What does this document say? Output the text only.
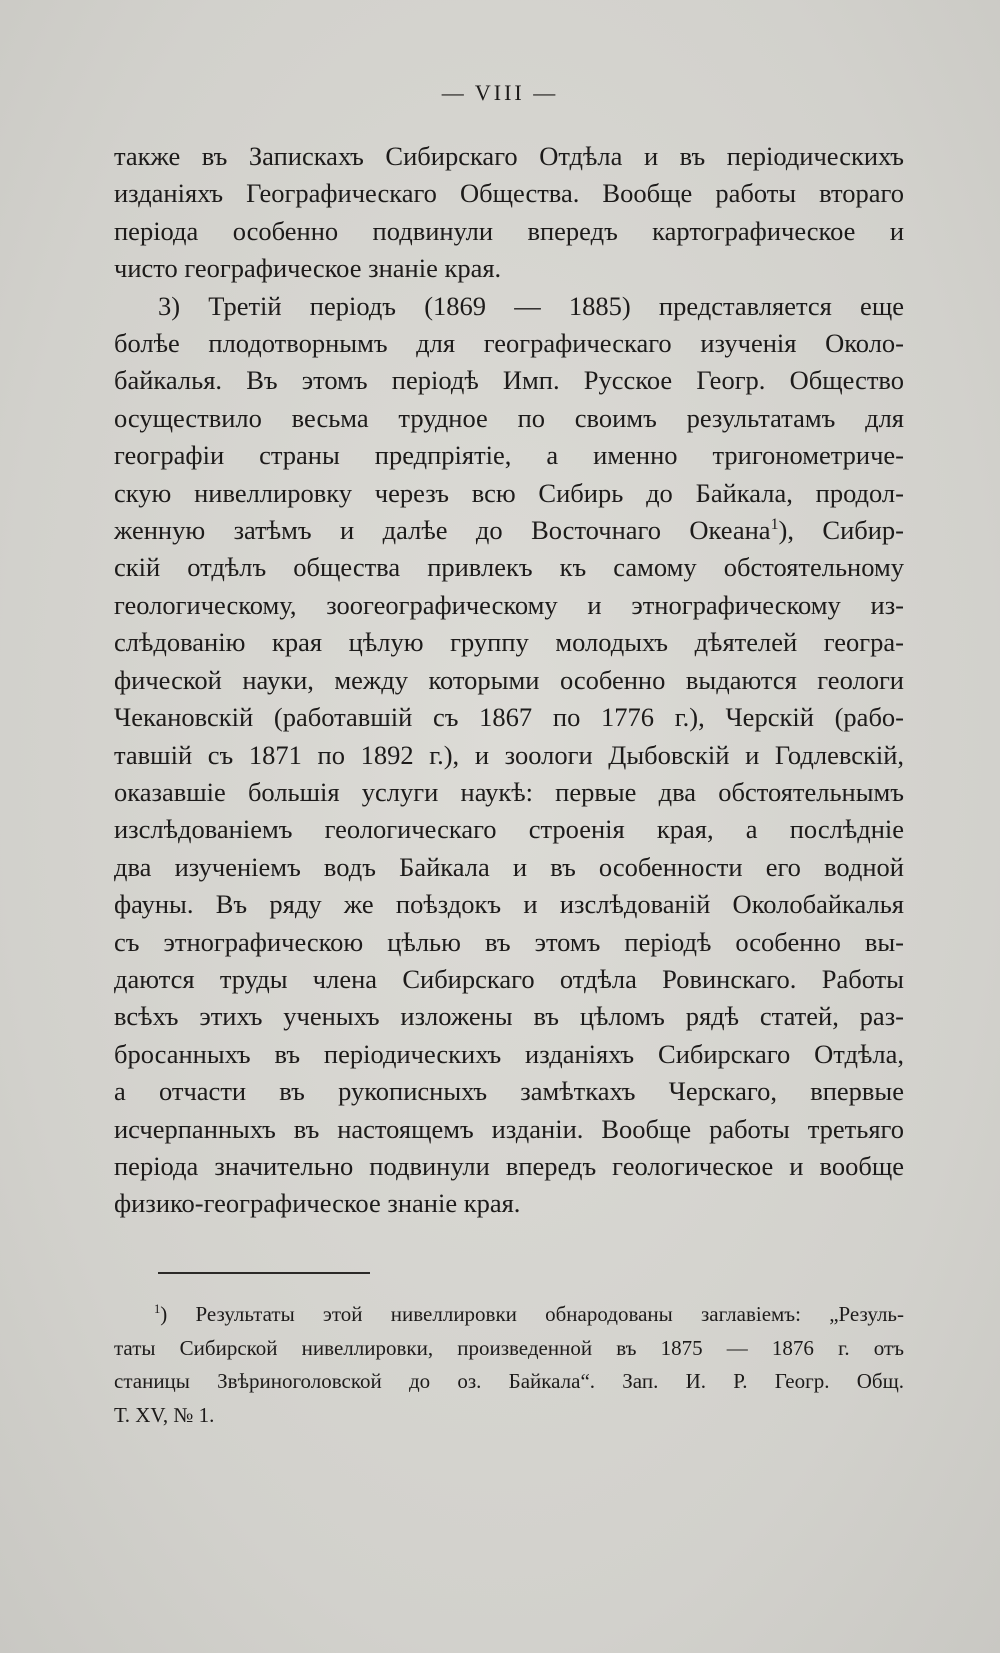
— VIII —

также въ Запискахъ Сибирскаго Отдѣла и въ періодическихъ
изданіяхъ Географическаго Общества. Вообще работы втораго
періода особенно подвинули впередъ картографическое и
чисто географическое знаніе края.

3) Третій періодъ (1869 — 1885) представляется еще
болѣе плодотворнымъ для географическаго изученія Около-
байкалья. Въ этомъ періодѣ Имп. Русское Геогр. Общество
осуществило весьма трудное по своимъ результатамъ для
географіи страны предпріятіе, а именно тригонометриче-
скую нивеллировку черезъ всю Сибирь до Байкала, продол-
женную затѣмъ и далѣе до Восточнаго Океана$^1$), Сибир-
скій отдѣлъ общества привлекъ къ самому обстоятельному
геологическому, зоогеографическому и этнографическому из-
слѣдованію края цѣлую группу молодыхъ дѣятелей геогра-
фической науки, между которыми особенно выдаются геологи
Чекановскій (работавшій съ 1867 по 1776 г.), Черскій (рабо-
тавшій съ 1871 по 1892 г.), и зоологи Дыбовскій и Годлевскій,
оказавшіе большія услуги наукѣ: первые два обстоятельнымъ
изслѣдованіемъ геологическаго строенія края, а послѣдніе
два изученіемъ водъ Байкала и въ особенности его водной
фауны. Въ ряду же поѣздокъ и изслѣдованій Околобайкалья
съ этнографическою цѣлью въ этомъ періодѣ особенно вы-
даются труды члена Сибирскаго отдѣла Ровинскаго. Работы
всѣхъ этихъ ученыхъ изложены въ цѣломъ рядѣ статей, раз-
бросанныхъ въ періодическихъ изданіяхъ Сибирскаго Отдѣла,
а отчасти въ рукописныхъ замѣткахъ Черскаго, впервые
исчерпанныхъ въ настоящемъ изданіи. Вообще работы третьяго
періода значительно подвинули впередъ геологическое и вообще
физико-географическое знаніе края.

$^1$) Результаты этой нивеллировки обнародованы заглавіемъ: „Резуль-
таты Сибирской нивеллировки, произведенной въ 1875 — 1876 г. отъ
станицы Звѣриноголовской до оз. Байкала“. Зап. И. Р. Геогр. Общ.
Т. XV, № 1.
